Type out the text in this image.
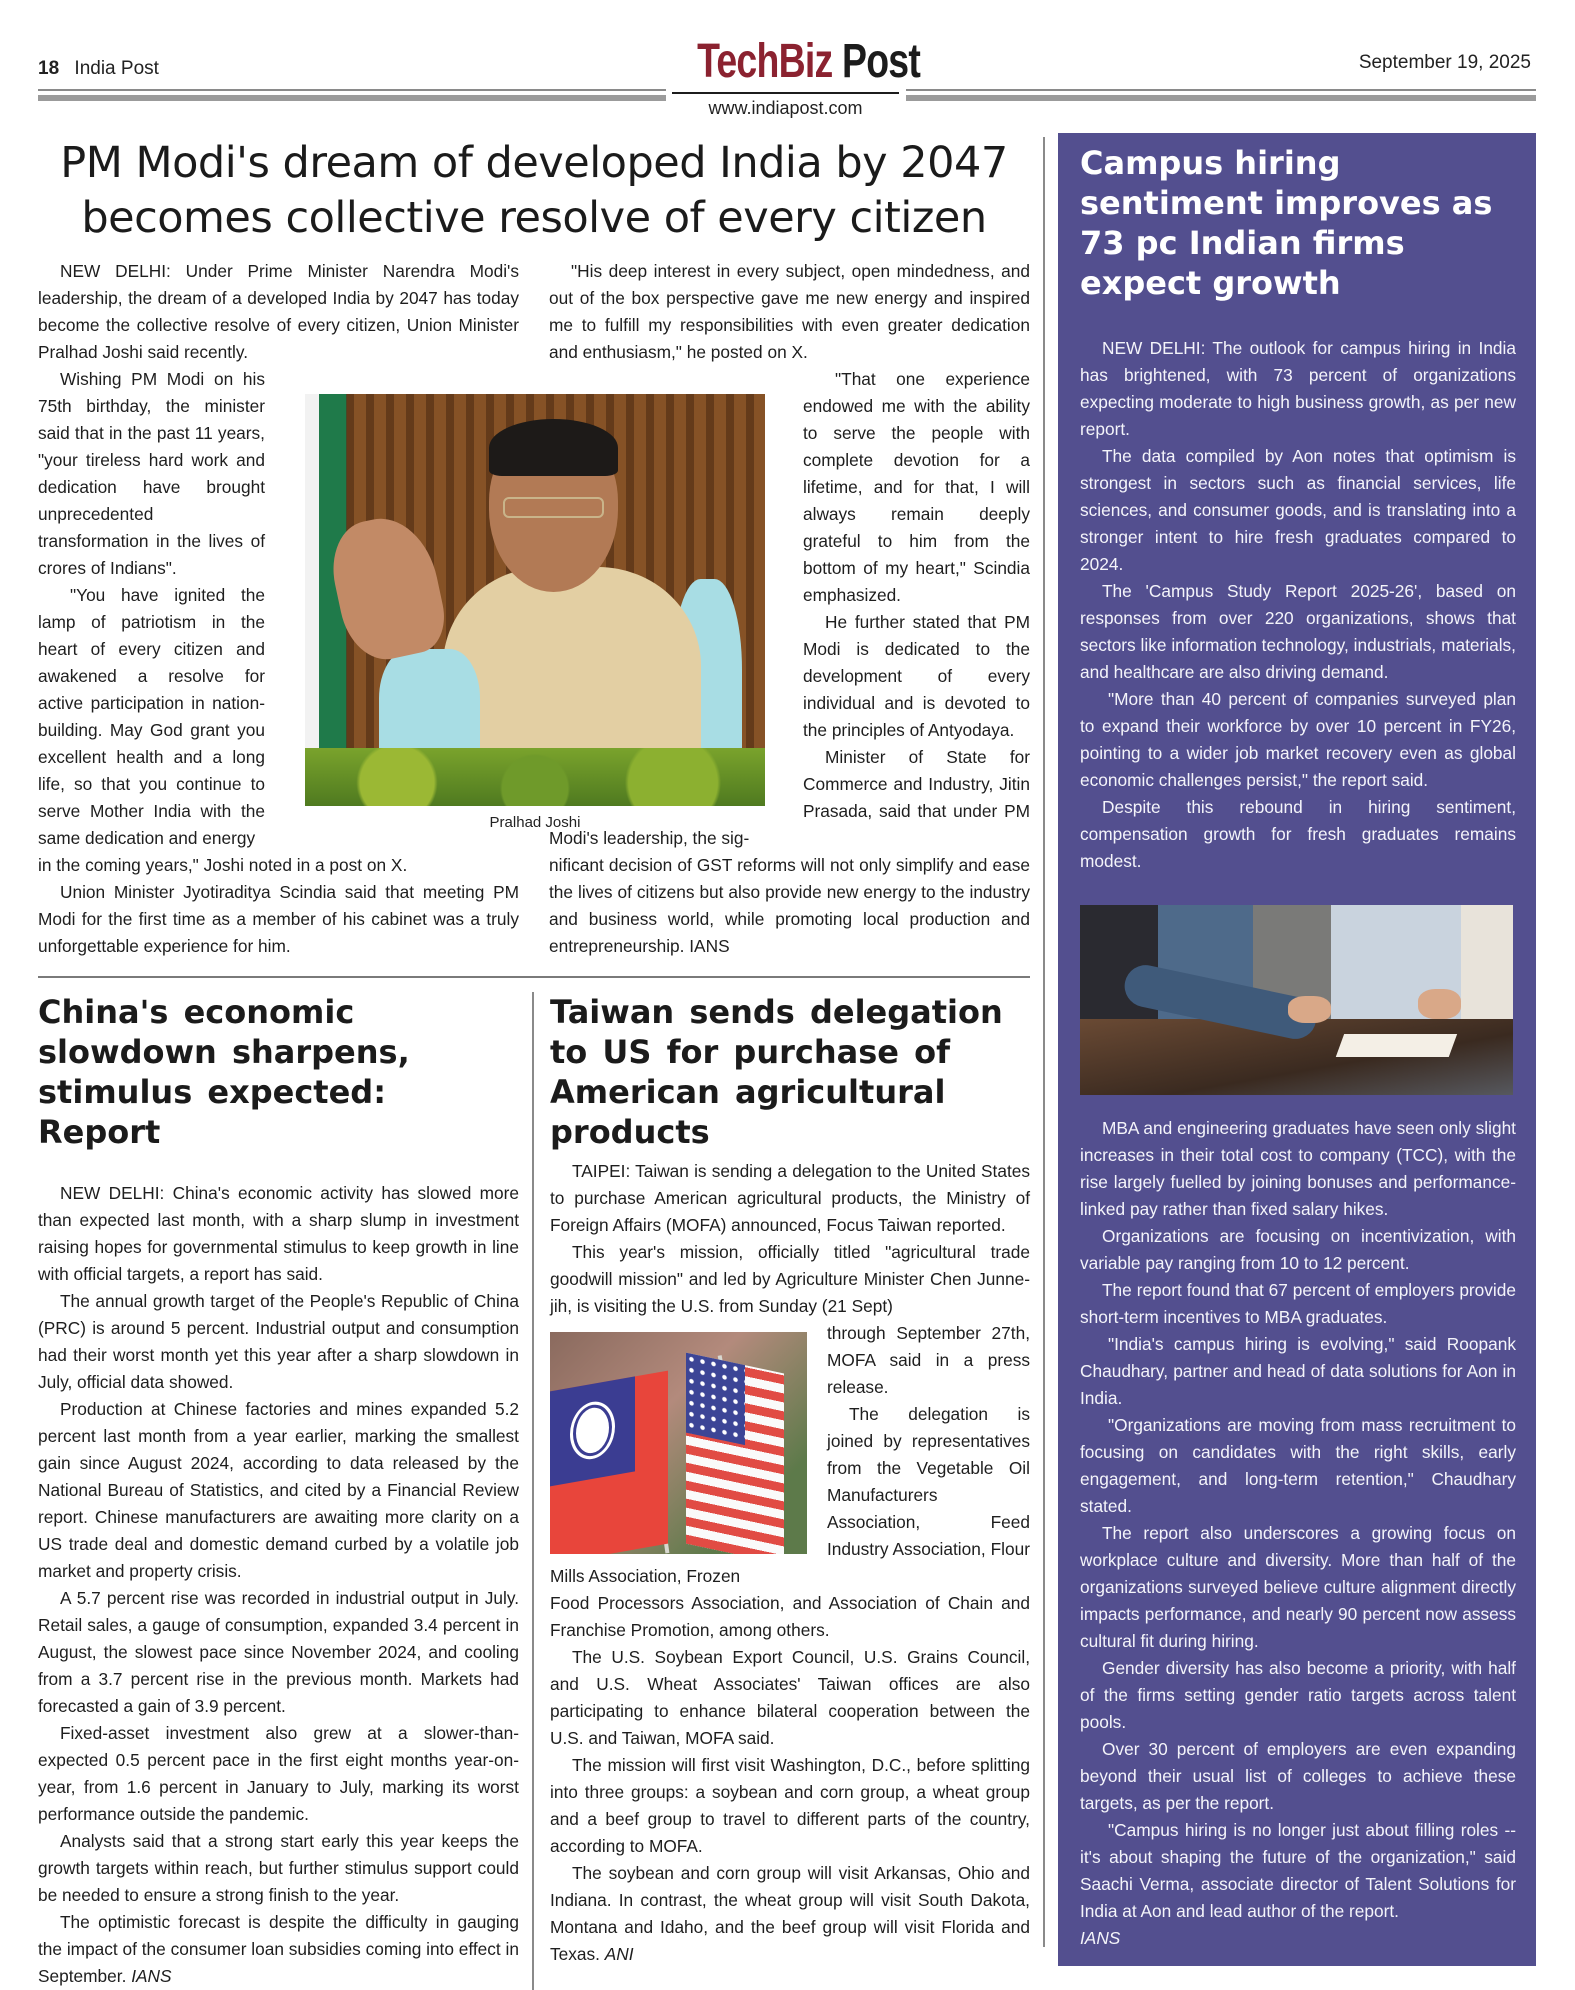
18 India Post	TechBiz Post
www.indiapost.com
September 19, 2025
PM Modi's dream of developed India by 2047
becomes collective resolve of every citizen

NEW DELHI: Under Prime Minister Narendra Modi's leadership, the dream of a developed India by 2047 has today become the collective resolve of every citizen, Union Minister Pralhad Joshi said recently.

Wishing PM Modi on his 75th birthday, the minister said that in the past 11 years, "your tireless hard work and dedication have brought unprecedented transformation in the lives of crores of Indians".

"You have ignited the lamp of patriotism in the heart of every citizen and awakened a resolve for active participation in nation-building. May God grant you excellent health and a long life, so that you continue to serve Mother India with the same dedication and energy

in the coming years," Joshi noted in a post on X.

Union Minister Jyotiraditya Scindia said that meeting PM Modi for the first time as a member of his cabinet was a truly unforgettable experience for him.

"His deep interest in every subject, open mindedness, and out of the box perspective gave me new energy and inspired me to fulfill my responsibilities with even greater dedication and enthusiasm," he posted on X.

"That one experience endowed me with the ability to serve the people with complete devotion for a lifetime, and for that, I will always remain deeply grateful to him from the bottom of my heart," Scindia emphasized.

He further stated that PM Modi is dedicated to the development of every individual and is devoted to the principles of Antyodaya.

Minister of State for Commerce and Industry, Jitin Prasada, said that under PM Modi's leadership, the sig-

nificant decision of GST reforms will not only simplify and ease the lives of citizens but also provide new energy to the industry and business world, while promoting local production and entrepreneurship. IANS

China's economic slowdown sharpens, stimulus expected: Report

NEW DELHI: China's economic activity has slowed more than expected last month, with a sharp slump in investment raising hopes for governmental stimulus to keep growth in line with official targets, a report has said.

The annual growth target of the People's Republic of China (PRC) is around 5 percent. Industrial output and consumption had their worst month yet this year after a sharp slowdown in July, official data showed.

Production at Chinese factories and mines expanded 5.2 percent last month from a year earlier, marking the smallest gain since August 2024, according to data released by the National Bureau of Statistics, and cited by a Financial Review report. Chinese manufacturers are awaiting more clarity on a US trade deal and domestic demand curbed by a volatile job market and property crisis.

A 5.7 percent rise was recorded in industrial output in July. Retail sales, a gauge of consumption, expanded 3.4 percent in August, the slowest pace since November 2024, and cooling from a 3.7 percent rise in the previous month. Markets had forecasted a gain of 3.9 percent.

Fixed-asset investment also grew at a slower-than-expected 0.5 percent pace in the first eight months year-on-year, from 1.6 percent in January to July, marking its worst performance outside the pandemic.

Analysts said that a strong start early this year keeps the growth targets within reach, but further stimulus support could be needed to ensure a strong finish to the year.

The optimistic forecast is despite the difficulty in gauging the impact of the consumer loan subsidies coming into effect in September. IANS

Taiwan sends delegation to US for purchase of American agricultural products

TAIPEI: Taiwan is sending a delegation to the United States to purchase American agricultural products, the Ministry of Foreign Affairs (MOFA) announced, Focus Taiwan reported.

This year's mission, officially titled "agricultural trade goodwill mission" and led by Agriculture Minister Chen Junne-jih, is visiting the U.S. from Sunday (21 Sept)

through September 27th, MOFA said in a press release.

The delegation is joined by representatives from the Vegetable Oil Manufacturers Association, Feed Industry Association, Flour Mills Association, Frozen

Food Processors Association, and Association of Chain and Franchise Promotion, among others.

The U.S. Soybean Export Council, U.S. Grains Council, and U.S. Wheat Associates' Taiwan offices are also participating to enhance bilateral cooperation between the U.S. and Taiwan, MOFA said.

The mission will first visit Washington, D.C., before splitting into three groups: a soybean and corn group, a wheat group and a beef group to travel to different parts of the country, according to MOFA.

The soybean and corn group will visit Arkansas, Ohio and Indiana. In contrast, the wheat group will visit South Dakota, Montana and Idaho, and the beef group will visit Florida and Texas. ANI

Pralhad Joshi
Campus hiring sentiment improves as 73 pc Indian firms expect growth

NEW DELHI: The outlook for campus hiring in India has brightened, with 73 percent of organizations expecting moderate to high business growth, as per new report.

The data compiled by Aon notes that optimism is strongest in sectors such as financial services, life sciences, and consumer goods, and is translating into a stronger intent to hire fresh graduates compared to 2024.

The 'Campus Study Report 2025-26', based on responses from over 220 organizations, shows that sectors like information technology, industrials, materials, and healthcare are also driving demand.

"More than 40 percent of companies surveyed plan to expand their workforce by over 10 percent in FY26, pointing to a wider job market recovery even as global economic challenges persist," the report said.

Despite this rebound in hiring sentiment, compensation growth for fresh graduates remains modest.

MBA and engineering graduates have seen only slight increases in their total cost to company (TCC), with the rise largely fuelled by joining bonuses and performance-linked pay rather than fixed salary hikes.

Organizations are focusing on incentivization, with variable pay ranging from 10 to 12 percent.

The report found that 67 percent of employers provide short-term incentives to MBA graduates.

"India's campus hiring is evolving," said Roopank Chaudhary, partner and head of data solutions for Aon in India.

"Organizations are moving from mass recruitment to focusing on candidates with the right skills, early engagement, and long-term retention," Chaudhary stated.

The report also underscores a growing focus on workplace culture and diversity. More than half of the organizations surveyed believe culture alignment directly impacts performance, and nearly 90 percent now assess cultural fit during hiring.

Gender diversity has also become a priority, with half of the firms setting gender ratio targets across talent pools.

Over 30 percent of employers are even expanding beyond their usual list of colleges to achieve these targets, as per the report.

"Campus hiring is no longer just about filling roles -- it's about shaping the future of the organization," said Saachi Verma, associate director of Talent Solutions for India at Aon and lead author of the report.

IANS
